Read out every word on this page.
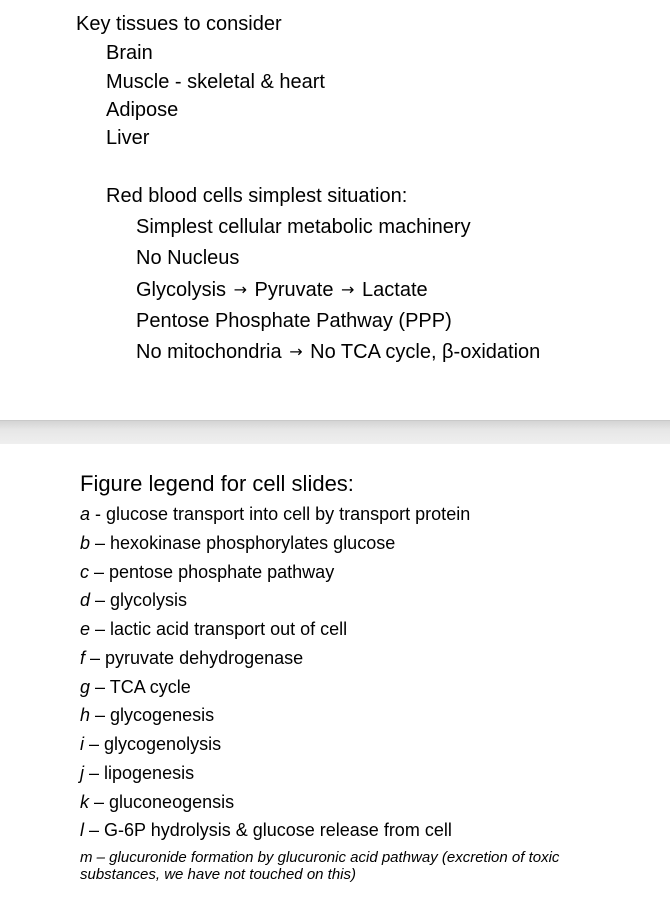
Key tissues to consider
Brain
Muscle - skeletal & heart
Adipose
Liver
Red blood cells simplest situation:
Simplest cellular metabolic machinery
No Nucleus
Glycolysis → Pyruvate → Lactate
Pentose Phosphate Pathway (PPP)
No mitochondria → No TCA cycle, β-oxidation
Figure legend for cell slides:
a - glucose transport into cell by transport protein
b – hexokinase phosphorylates glucose
c – pentose phosphate pathway
d – glycolysis
e – lactic acid transport out of cell
f – pyruvate dehydrogenase
g – TCA cycle
h – glycogenesis
i – glycogenolysis
j – lipogenesis
k – gluconeogensis
l – G-6P hydrolysis & glucose release from cell
m – glucuronide formation by glucuronic acid pathway (excretion of toxic substances, we have not touched on this)
